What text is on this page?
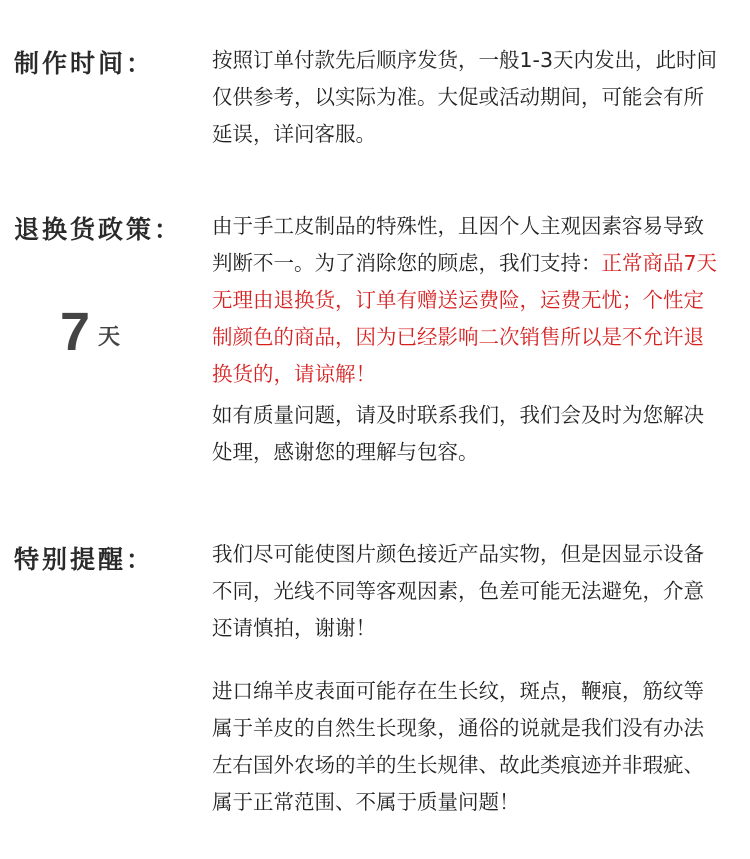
制作时间：	按照订单付款先后顺序发货，一般1-3天内发出，此时间仅供参考，以实际为准。大促或活动期间，可能会有所延误，详问客服。

退换货政策：
7 天

由于手工皮制品的特殊性，且因个人主观因素容易导致判断不一。为了消除您的顾虑，我们支持：正常商品7天无理由退换货，订单有赠送运费险，运费无忧；个性定制颜色的商品，因为已经影响二次销售所以是不允许退换货的，请谅解！

如有质量问题，请及时联系我们，我们会及时为您解决处理，感谢您的理解与包容。

特别提醒：	我们尽可能使图片颜色接近产品实物，但是因显示设备不同，光线不同等客观因素，色差可能无法避免，介意还请慎拍，谢谢！

进口绵羊皮表面可能存在生长纹，斑点，鞭痕，筋纹等属于羊皮的自然生长现象，通俗的说就是我们没有办法左右国外农场的羊的生长规律、故此类痕迹并非瑕疵、属于正常范围、不属于质量问题！
